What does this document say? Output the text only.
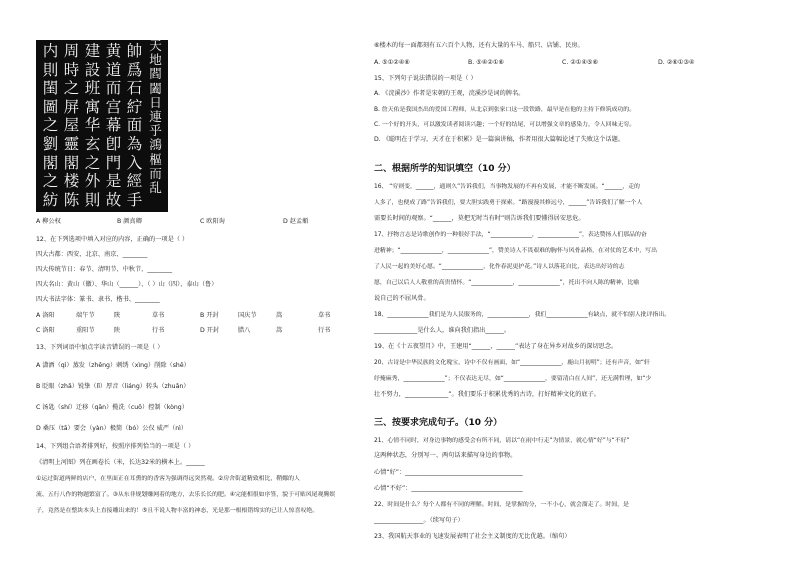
内則閨圖之劉閣之紡
周時之屏屋靈閣楼陈
建設班寓华玄之外則
黄道而宫幕卽門是故
帥爲石紵面為入經手
天地閻闔日連乎鴻樞而乱
A 柳公权	B 颜真卿	C 欧阳询	D 赵孟頫
12、在下列选项中填入对应的内容，正确的一项是（ ）
四大古都：西安、北京、南京、________
四大传统节日：春节、清明节、中秋节、________
四大名山：黄山（徽）、华山（______）、（ ）山（四）、泰山（鲁）
四大书法字体：篆书、隶书、楷书、________
A 洛阳	端午节	陝	草书	B 开封	国庆节	嵩	草书
C 洛阳	重阳节	陕	行书	D 开封	腊八	嵩	行书
13、下列词语中加点字读音错误的一项是（ ）
A 潇洒（qì）蒸发（zhēng）刺绣（xìng）削除（shē）
B 眨眼（zhǎ）锐挚（lǐ）厚音（liáng）转头（zhuǎn）
C 汤匙（shí）迁移（qān）揽洗（cuō）控制（kòng）
D 桑压（tā）要会（yàn）极简（bó）公仅 威严（nì）
14、下列组合语者排列好，按照序排列恰当的一项是（ ）
《清明上河图》列在画卷长（米，长达32米的横本上。______
①运过街道两鲜的店户，在里面正在耳熏的的香客为强调得远突然观。②房舍街道精致相比，鞘娜的人
流、五行八作的物题繁富了。③从东非规划赚网着的地方，去乐长长的肥。④完能相很如序签，貌于可贴风尾观腾娱
子，竟然是在整块本头上直接雕出来的！⑤且不说人物丰富的神态，光是那一根根错绵实的已让人惊喜叹绝。
⑥楼木的每一面都刻有五六百个人物，还有大量的车马、船只、店铺、民房。
A. ⑤①②④⑥	B. ⑤④②①⑥	C. ②①④⑤⑥	D. ②⑥①③④
15、下列句子说法错误的一项是（ ）
A. 《浣溪沙》作者是宋朝的王观，浣溪沙是词的牌名。
B. 詹天佑是我国杰出的爱国工程师，从北京到张家口这一段铁路，最早是在他的主持下修筑成功的。
C. 一个好的开头，可以激发读者阅读兴趣；一个好的结尾，可以增强文章的感染力，令人回味无穷。
D. 《聪明在于学习，天才在于积累》是一篇演讲稿，作者用很大篇幅论述了失败这个话题。
二、根据所学的知识填空（10 分）
16、 “穷则变，______，通则久”告诉我们，当事物发展的不再有发展，才能不断发展。“______，走的
人多了，也便成了路”告诉我们，要大胆实践勇于探索。“路漫漫其修远兮，______”告诉我们了解一个人
需要长时间的观察。“______，莫把无时当有时”则告诉我们要懂得居安思危。
17、抒物言志是诗歌创作的一种很好手法，“______________，______________”，表达赞扬人们那品的奋
进精神；“______________，______________”，赞美诗人不畏艰难的胸怀与风骨品格，在对仗的艺术中，写出
了人民一起的美好心愿。“______________，化作春泥更护花。”诗人以落花自比，表达出好诗的志
愿，自己以后人人敬重的高贵情怀。“______________，______________”，托出不向人陈的精神，比喻
说自己的不屈风骨。
18、______________我们是为人民服务的，______________，我们______________有缺点，就不怕别人批评指出。
______________是什么人，谁向我们指出______。
19、在《十五夜望月》中，王建用“______，______”表达了身在异乡对故乡的深切思念。
20、古诗是中华民族的文化瑰宝，诗中不仅有画面，如“______________，鹿山月初明”；还有声音，如“轩
纾掩麻秀，______________”；不仅表达无尽，如“______________，要留清白在人间”，还无满哲理，如“少
壮不努力，______________”。我们要乐于积累优秀的古诗，打好精神文化的底子。
三、按要求完成句子。（10 分）
21、心情不同时，对身边事物的感受会有所不同，请以“在雨中行走”为情景，就心情“好”与“不好”
这两种状态，分别写一、两句话来描写身边的事物。
心情“好”：______________________________________
心情“不好”：____________________________________
22、时间是什么？每个人都有不同的理解。时间，是掌握的分，一不小心，就会溜走了。时间，是
________________。（续写句子）
23、我国航天事业的飞速发展表明了社会主义制度的无比优越。（缩句）
